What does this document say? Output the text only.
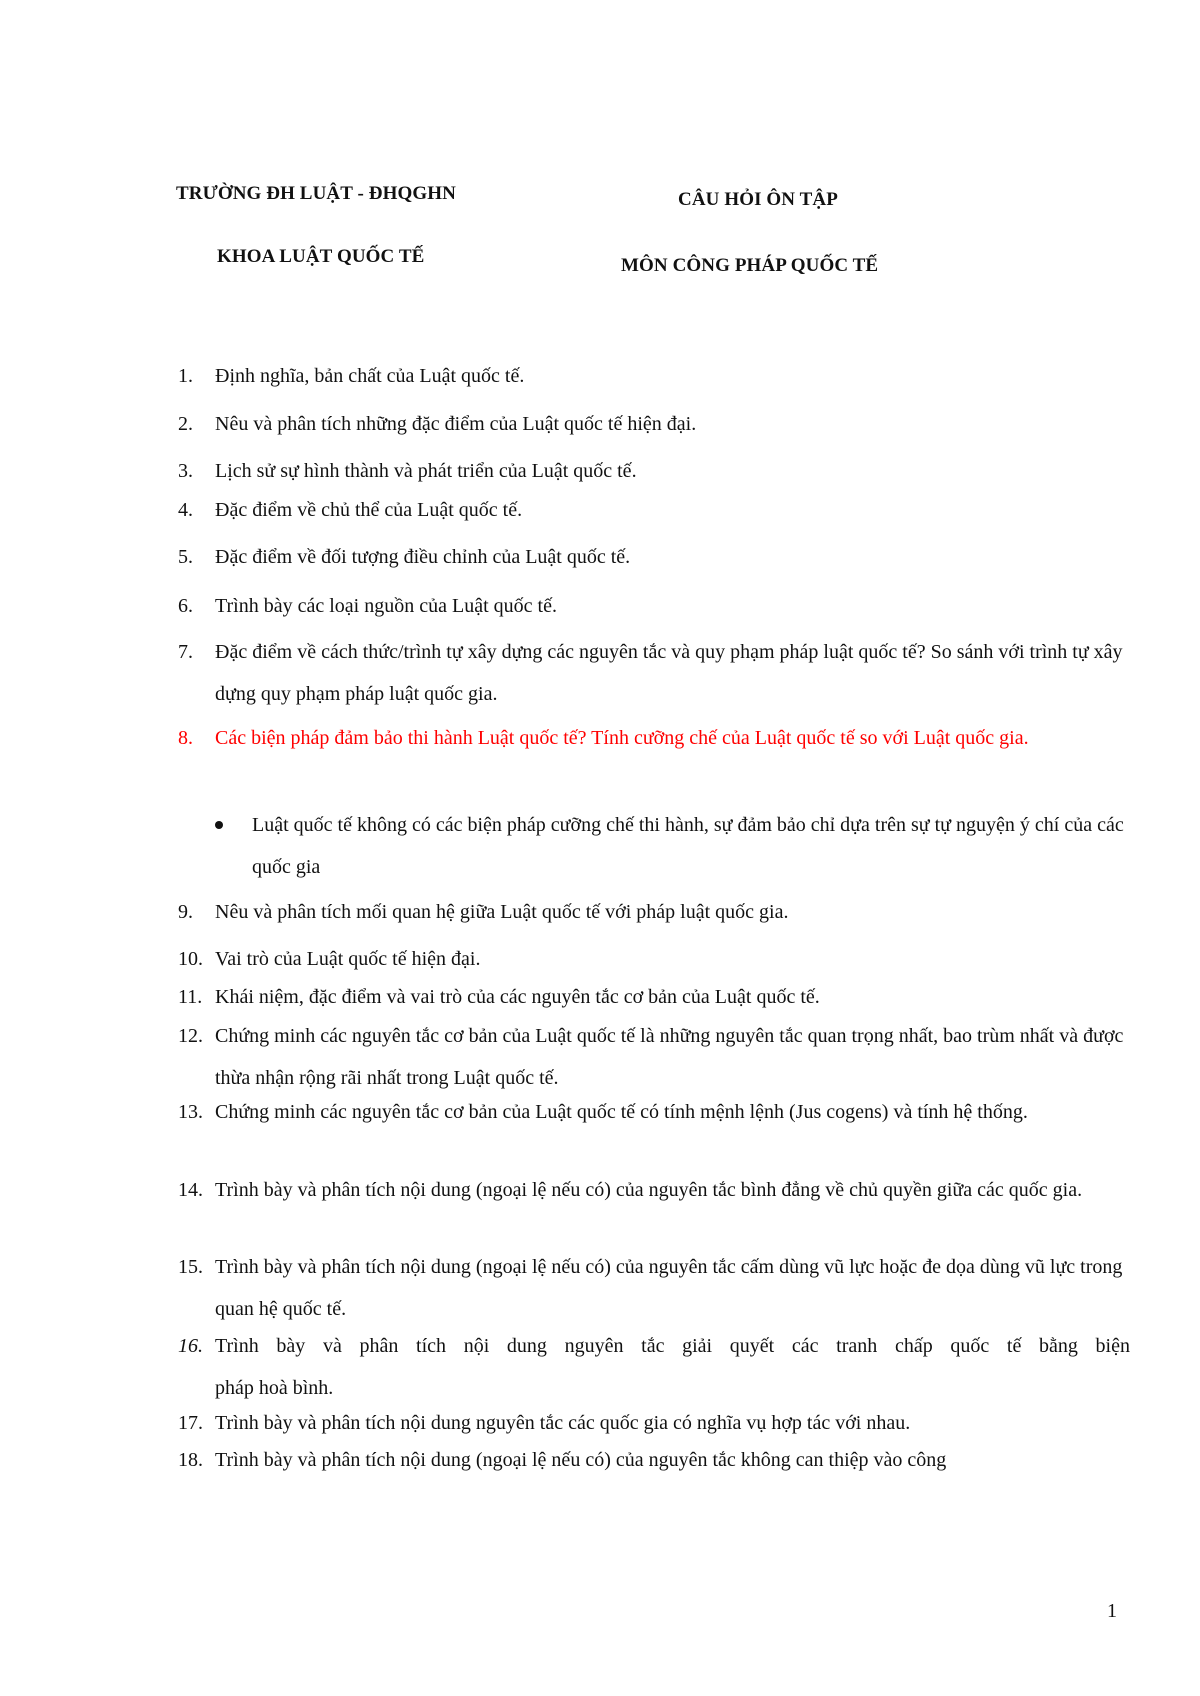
TRƯỜNG ĐH LUẬT - ĐHQGHN
KHOA LUẬT QUỐC TẾ
CÂU HỎI ÔN TẬP
MÔN CÔNG PHÁP QUỐC TẾ
1. Định nghĩa, bản chất của Luật quốc tế.
2. Nêu và phân tích những đặc điểm của Luật quốc tế hiện đại.
3. Lịch sử sự hình thành và phát triển của Luật quốc tế.
4. Đặc điểm về chủ thể của Luật quốc tế.
5. Đặc điểm về đối tượng điều chỉnh của Luật quốc tế.
6. Trình bày các loại nguồn của Luật quốc tế.
7. Đặc điểm về cách thức/trình tự xây dựng các nguyên tắc và quy phạm pháp luật quốc tế? So sánh với trình tự xây dựng quy phạm pháp luật quốc gia.
8. Các biện pháp đảm bảo thi hành Luật quốc tế? Tính cưỡng chế của Luật quốc tế so với Luật quốc gia.
Luật quốc tế không có các biện pháp cưỡng chế thi hành, sự đảm bảo chỉ dựa trên sự tự nguyện ý chí của các quốc gia
9. Nêu và phân tích mối quan hệ giữa Luật quốc tế với pháp luật quốc gia.
10. Vai trò của Luật quốc tế hiện đại.
11. Khái niệm, đặc điểm và vai trò của các nguyên tắc cơ bản của Luật quốc tế.
12. Chứng minh các nguyên tắc cơ bản của Luật quốc tế là những nguyên tắc quan trọng nhất, bao trùm nhất và được thừa nhận rộng rãi nhất trong Luật quốc tế.
13. Chứng minh các nguyên tắc cơ bản của Luật quốc tế có tính mệnh lệnh (Jus cogens) và tính hệ thống.
14. Trình bày và phân tích nội dung (ngoại lệ nếu có) của nguyên tắc bình đẳng về chủ quyền giữa các quốc gia.
15. Trình bày và phân tích nội dung (ngoại lệ nếu có) của nguyên tắc cấm dùng vũ lực hoặc đe dọa dùng vũ lực trong quan hệ quốc tế.
16. Trình bày và phân tích nội dung nguyên tắc giải quyết các tranh chấp quốc tế bằng biện
pháp hoà bình.
17. Trình bày và phân tích nội dung nguyên tắc các quốc gia có nghĩa vụ hợp tác với nhau.
18. Trình bày và phân tích nội dung (ngoại lệ nếu có) của nguyên tắc không can thiệp vào công
1
